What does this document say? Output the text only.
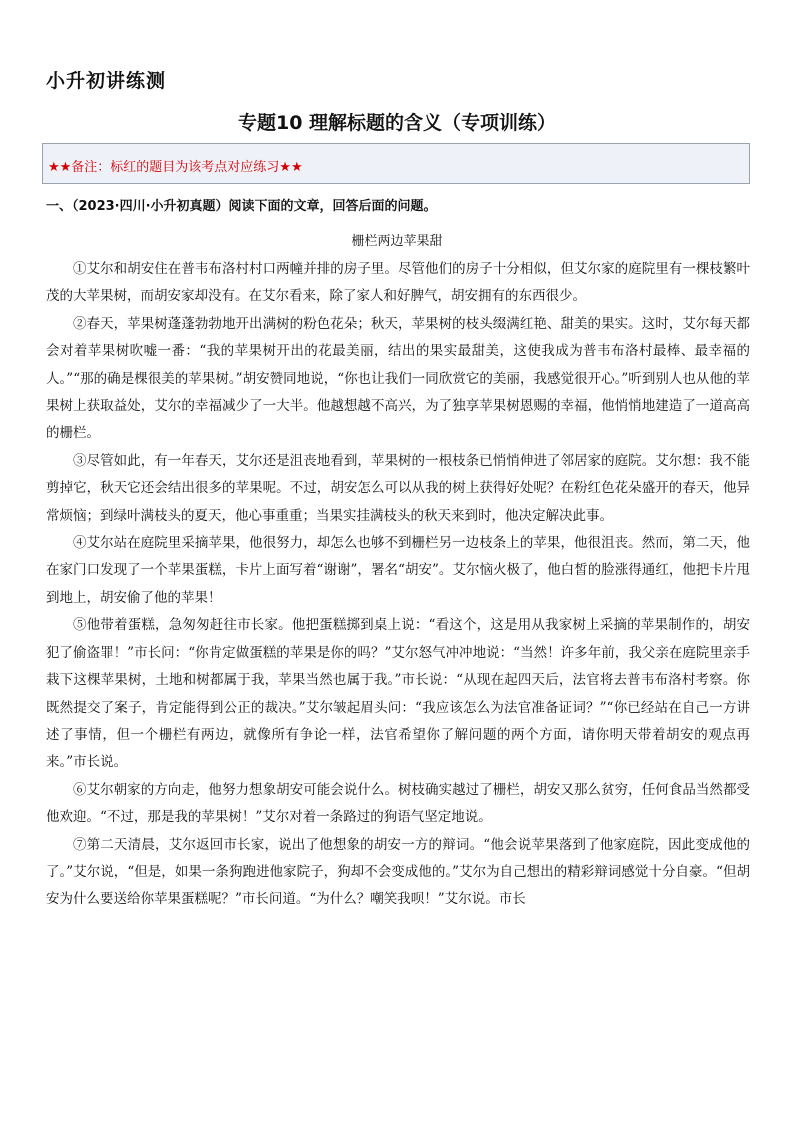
小升初讲练测
专题10 理解标题的含义（专项训练）
★★备注：标红的题目为该考点对应练习★★
一、（2023·四川·小升初真题）阅读下面的文章，回答后面的问题。
栅栏两边苹果甜

①艾尔和胡安住在普韦布洛村村口两幢并排的房子里。尽管他们的房子十分相似，但艾尔家的庭院里有一棵枝繁叶茂的大苹果树，而胡安家却没有。在艾尔看来，除了家人和好脾气，胡安拥有的东西很少。

②春天，苹果树蓬蓬勃勃地开出满树的粉色花朵；秋天，苹果树的枝头缀满红艳、甜美的果实。这时，艾尔每天都会对着苹果树吹嘘一番：“我的苹果树开出的花最美丽，结出的果实最甜美，这使我成为普韦布洛村最棒、最幸福的人。”“那的确是棵很美的苹果树。”胡安赞同地说，“你也让我们一同欣赏它的美丽，我感觉很开心。”听到别人也从他的苹果树上获取益处，艾尔的幸福减少了一大半。他越想越不高兴，为了独享苹果树恩赐的幸福，他悄悄地建造了一道高高的栅栏。

③尽管如此，有一年春天，艾尔还是沮丧地看到，苹果树的一根枝条已悄悄伸进了邻居家的庭院。艾尔想：我不能剪掉它，秋天它还会结出很多的苹果呢。不过，胡安怎么可以从我的树上获得好处呢？在粉红色花朵盛开的春天，他异常烦恼；到绿叶满枝头的夏天，他心事重重；当果实挂满枝头的秋天来到时，他决定解决此事。

④艾尔站在庭院里采摘苹果，他很努力，却怎么也够不到栅栏另一边枝条上的苹果，他很沮丧。然而，第二天，他在家门口发现了一个苹果蛋糕，卡片上面写着“谢谢”，署名“胡安”。艾尔恼火极了，他白皙的脸涨得通红，他把卡片甩到地上，胡安偷了他的苹果！

⑤他带着蛋糕，急匆匆赶往市长家。他把蛋糕掷到桌上说：“看这个，这是用从我家树上采摘的苹果制作的，胡安犯了偷盗罪！”市长问：“你肯定做蛋糕的苹果是你的吗？”艾尔怒气冲冲地说：“当然！许多年前，我父亲在庭院里亲手栽下这棵苹果树，土地和树都属于我，苹果当然也属于我。”市长说：“从现在起四天后，法官将去普韦布洛村考察。你既然提交了案子，肯定能得到公正的裁决。”艾尔皱起眉头问：“我应该怎么为法官准备证词？”“你已经站在自己一方讲述了事情，但一个栅栏有两边，就像所有争论一样，法官希望你了解问题的两个方面，请你明天带着胡安的观点再来。”市长说。

⑥艾尔朝家的方向走，他努力想象胡安可能会说什么。树枝确实越过了栅栏，胡安又那么贫穷，任何食品当然都受他欢迎。“不过，那是我的苹果树！”艾尔对着一条路过的狗语气坚定地说。

⑦第二天清晨，艾尔返回市长家，说出了他想象的胡安一方的辩词。“他会说苹果落到了他家庭院，因此变成他的了。”艾尔说，“但是，如果一条狗跑进他家院子，狗却不会变成他的。”艾尔为自己想出的精彩辩词感觉十分自豪。“但胡安为什么要送给你苹果蛋糕呢？”市长问道。“为什么？嘲笑我呗！”艾尔说。市长
